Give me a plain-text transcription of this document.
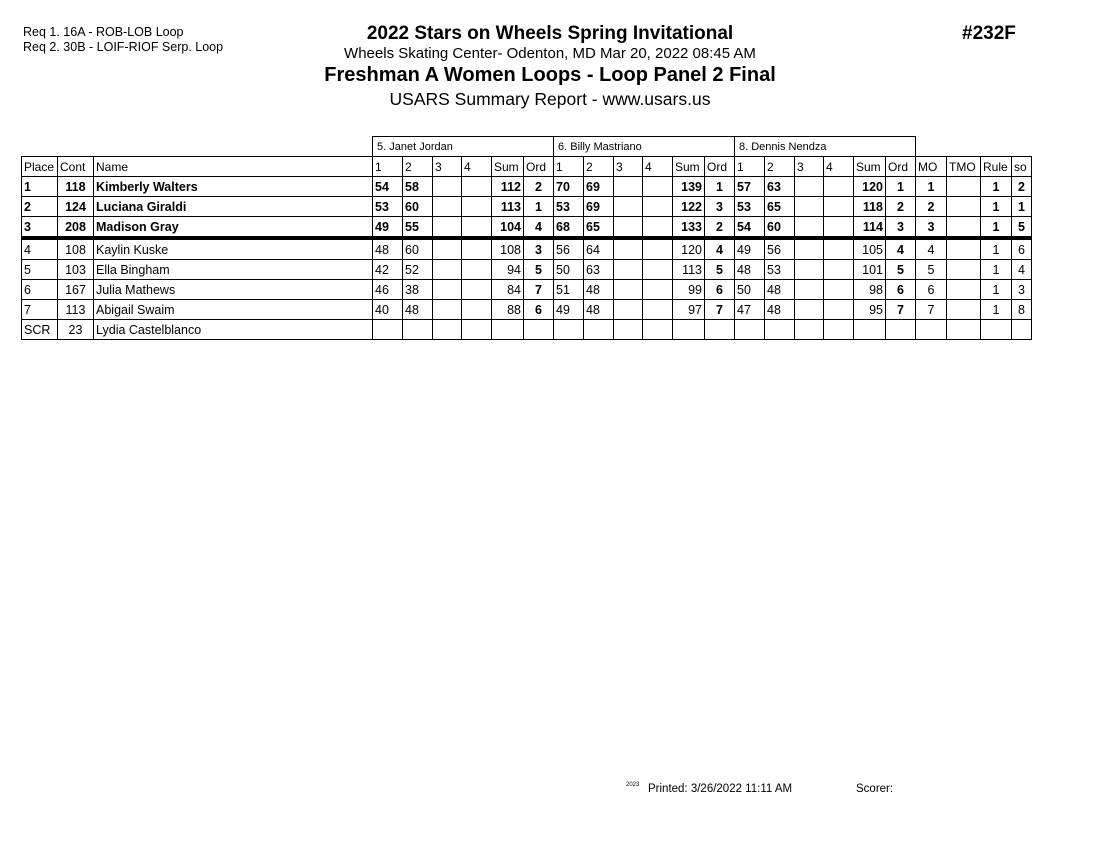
Req 1. 16A - ROB-LOB Loop
Req 2. 30B - LOIF-RIOF Serp. Loop
#232F
2022 Stars on Wheels Spring Invitational
Wheels Skating Center- Odenton, MD Mar 20, 2022 08:45 AM
Freshman A Women Loops - Loop Panel 2 Final
USARS Summary Report - www.usars.us
			5. Janet Jordan						6. Billy Mastriano						8. Dennis Nendza									
Place	Cont	Name	1	2	3	4	Sum	Ord	1	2	3	4	Sum	Ord	1	2	3	4	Sum	Ord	MO	TMO	Rule	so
1	118	Kimberly Walters	54	58			112	2	70	69			139	1	57	63			120	1	1		1	2
2	124	Luciana Giraldi	53	60			113	1	53	69			122	3	53	65			118	2	2		1	1
3	208	Madison Gray	49	55			104	4	68	65			133	2	54	60			114	3	3		1	5
4	108	Kaylin Kuske	48	60			108	3	56	64			120	4	49	56			105	4	4		1	6
5	103	Ella Bingham	42	52			94	5	50	63			113	5	48	53			101	5	5		1	4
6	167	Julia Mathews	46	38			84	7	51	48			99	6	50	48			98	6	6		1	3
7	113	Abigail Swaim	40	48			88	6	49	48			97	7	47	48			95	7	7		1	8
SCR	23	Lydia Castelblanco																						
2023 Printed: 3/26/2022 11:11 AM	Scorer:
